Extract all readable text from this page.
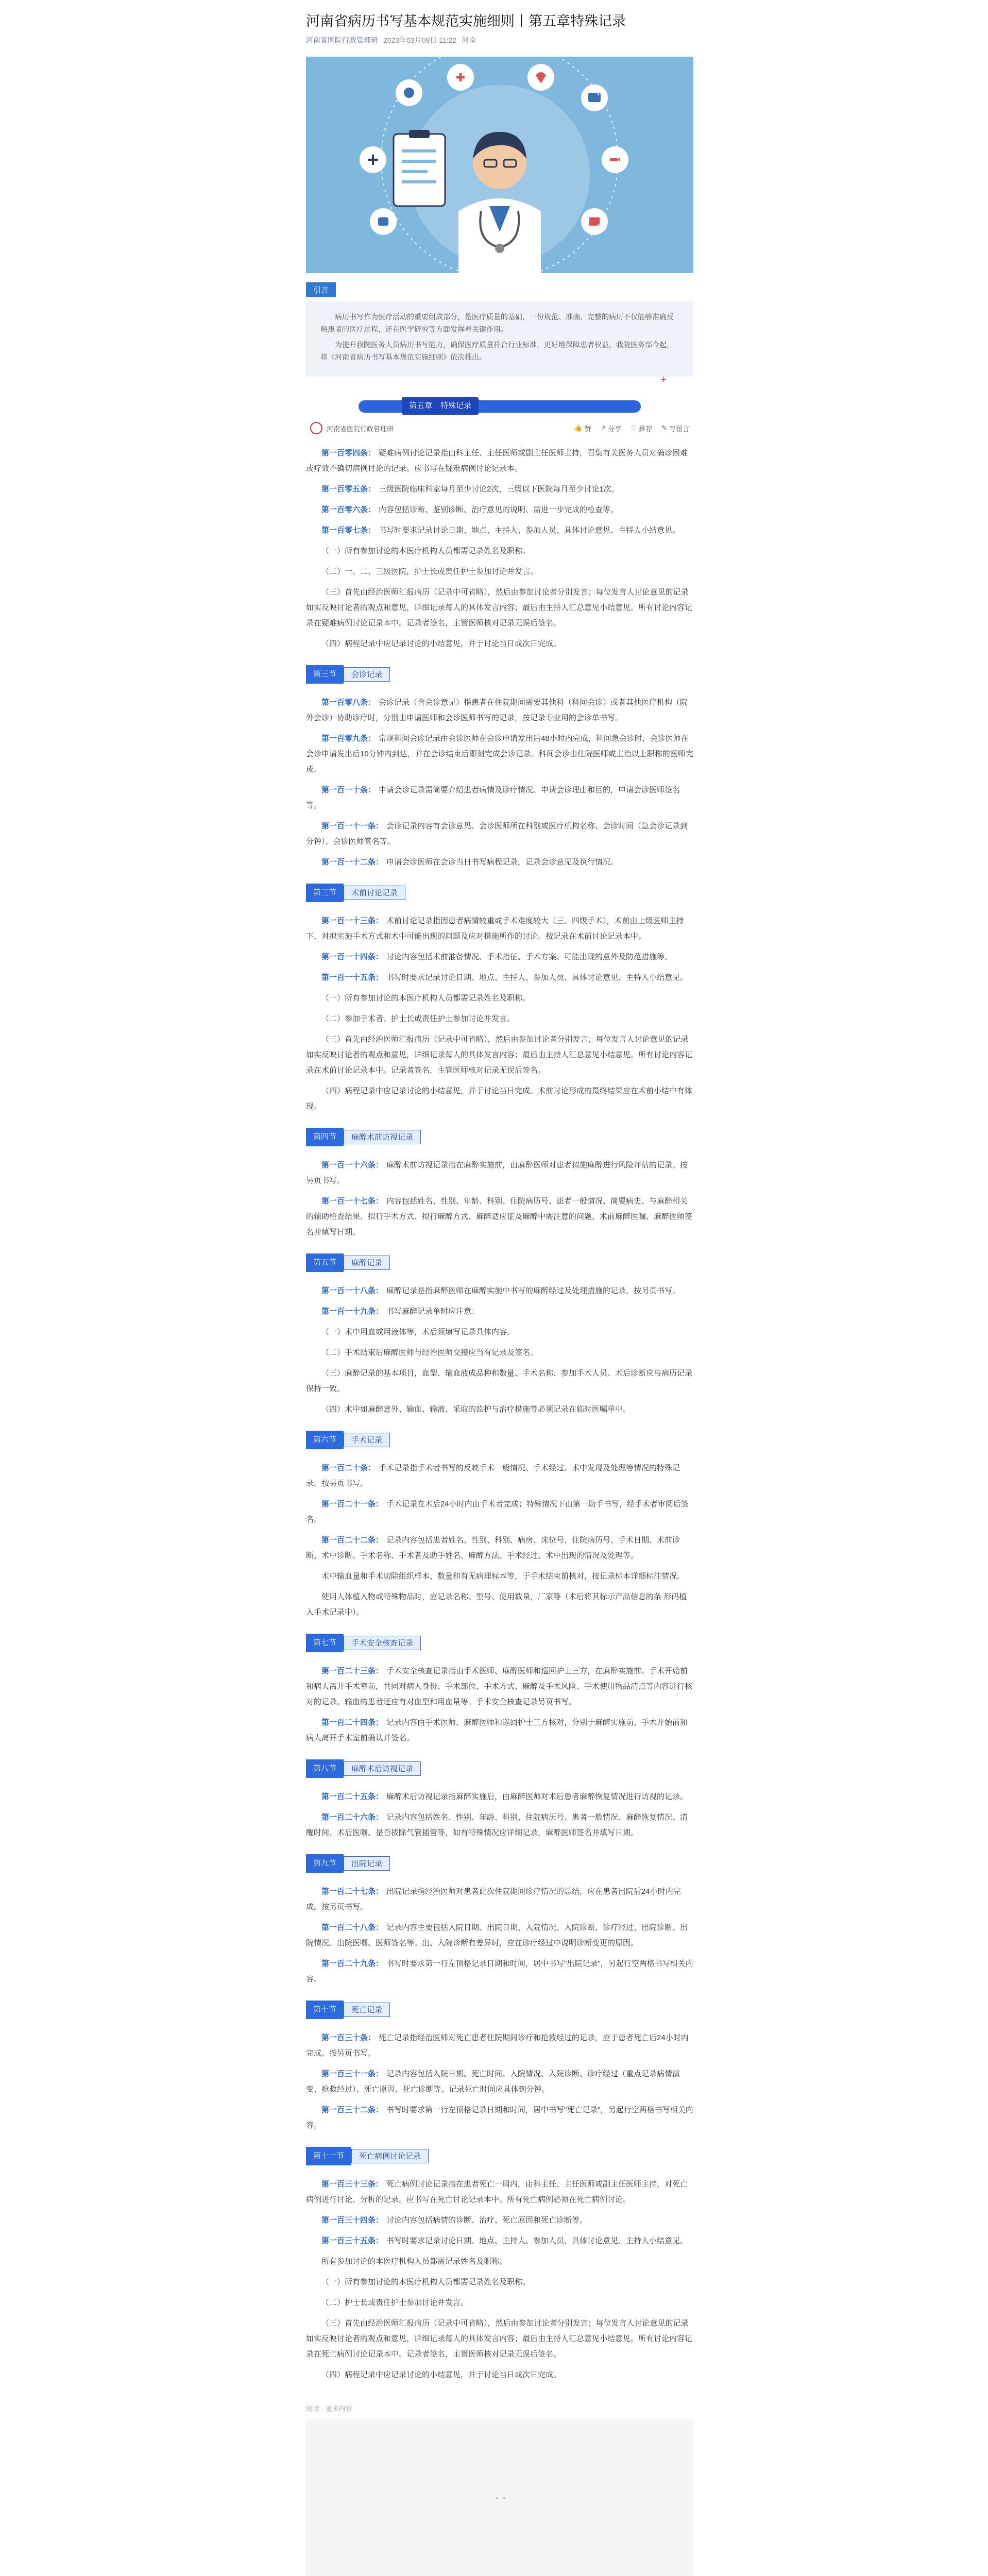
河南省病历书写基本规范实施细则丨第五章特殊记录
河南省医院行政管理研 2023年03月09日 11:22 河南
引言

病历书写作为医疗活动的重要组成部分，是医疗质量的基础，一份规范、准确、完整的病历不仅能够准确反映患者的医疗过程，还在医学研究等方面发挥着关键作用。

为提升我院医务人员病历书写能力，确保医疗质量符合行业标准，更好地保障患者权益，我院医务部今起，将《河南省病历书写基本规范实施细则》依次推出。

+
第五章 特殊记录
河南省医院行政管理研	👍 赞 ↗ 分享 ♡ 推荐 ✎ 写留言

第一百零四条： 疑难病例讨论记录指由科主任、主任医师或副主任医师主持，召集有关医务人员对确诊困难或疗效不确切病例讨论的记录。应书写在疑难病例讨论记录本。

第一百零五条： 三级医院临床科室每月至少讨论2次，三级以下医院每月至少讨论1次。

第一百零六条： 内容包括诊断、鉴别诊断、治疗意见的说明、需进一步完成的检查等。

第一百零七条： 书写时要求记录讨论日期、地点、主持人、参加人员、具体讨论意见、主持人小结意见。

（一）所有参加讨论的本医疗机构人员都需记录姓名及职称。

（二）一、二、三级医院，护士长或责任护士参加讨论并发言。

（三）首先由经治医师汇报病历（记录中可省略），然后由参加讨论者分别发言；每位发言人讨论意见的记录如实反映讨论者的观点和意见，详细记录每人的具体发言内容；最后由主持人汇总意见小结意见。所有讨论内容记录在疑难病例讨论记录本中。记录者签名，主管医师核对记录无误后签名。

（四）病程记录中应记录讨论的小结意见，并于讨论当日或次日完成。

第三节	会诊记录

第一百零八条： 会诊记录（含会诊意见）指患者在住院期间需要其他科（科间会诊）或者其他医疗机构（院外会诊）协助诊疗时，分别由申请医师和会诊医师书写的记录，按记录专业用的会诊单书写。

第一百零九条： 常规科间会诊记录由会诊医师在会诊申请发出后48小时内完成，科间急会诊时，会诊医师在会诊申请发出后10分钟内到达，并在会诊结束后即刻完成会诊记录。科间会诊由住院医师或主治以上职称的医师完成。

第一百一十条： 申请会诊记录需简要介绍患者病情及诊疗情况、申请会诊理由和目的，申请会诊医师签名等。

第一百一十一条： 会诊记录内容有会诊意见、会诊医师所在科别或医疗机构名称、会诊时间（急会诊记录到分钟）、会诊医师签名等。

第一百一十二条： 申请会诊医师在会诊当日书写病程记录，记录会诊意见及执行情况。

第三节	术前讨论记录

第一百一十三条： 术前讨论记录指因患者病情较重或手术难度较大（三、四级手术），术前由上级医师主持下，对拟实施手术方式和术中可能出现的问题及应对措施所作的讨论。按记录在术前讨论记录本中。

第一百一十四条： 讨论内容包括术前准备情况、手术指征、手术方案、可能出现的意外及防范措施等。

第一百一十五条： 书写时要求记录讨论日期、地点、主持人、参加人员、具体讨论意见、主持人小结意见。

（一）所有参加讨论的本医疗机构人员都需记录姓名及职称。

（二）参加手术者、护士长或责任护士参加讨论并发言。

（三）首先由经治医师汇报病历（记录中可省略），然后由参加讨论者分别发言；每位发言人讨论意见的记录如实反映讨论者的观点和意见，详细记录每人的具体发言内容；最后由主持人汇总意见小结意见。所有讨论内容记录在术前讨论记录本中。记录者签名，主管医师核对记录无误后签名。

（四）病程记录中应记录讨论的小结意见，并于讨论当日完成。术前讨论形成的最终结果应在术前小结中有体现。

第四节	麻醉术前访视记录

第一百一十六条： 麻醉术前访视记录指在麻醉实施前，由麻醉医师对患者拟施麻醉进行风险评估的记录。按另页书写。

第一百一十七条： 内容包括姓名、性别、年龄、科别、住院病历号、患者一般情况、简要病史、与麻醉相关的辅助检查结果、拟行手术方式、拟行麻醉方式、麻醉适应证及麻醉中需注意的问题、术前麻醉医嘱、麻醉医师签名并填写日期。

第五节	麻醉记录

第一百一十八条： 麻醉记录是指麻醉医师在麻醉实施中书写的麻醉经过及处理措施的记录，按另页书写。

第一百一十九条： 书写麻醉记录单时应注意：

（一）术中用血或用液体等，术后须填写记录具体内容。

（二）手术结束后麻醉医师与经治医师交接应当有记录及签名。

（三）麻醉记录的基本项目，血型、输血液成品种和数量、手术名称、参加手术人员、术后诊断应与病历记录保持一致。

（四）术中如麻醉意外、输血、输液、采取的监护与治疗措施等必须记录在临时医嘱单中。

第六节	手术记录

第一百二十条： 手术记录指手术者书写的反映手术一般情况、手术经过、术中发现及处理等情况的特殊记录。按另页书写。

第一百二十一条： 手术记录在术后24小时内由手术者完成；特殊情况下由第一助手书写，经手术者审阅后签名。

第一百二十二条： 记录内容包括患者姓名、性别、科别、病房、床位号、住院病历号、手术日期、术前诊断、术中诊断、手术名称、手术者及助手姓名、麻醉方法、手术经过、术中出现的情况及处理等。

术中输血量和手术切除组织样本、数量和有无病理标本等，于手术结束前核对，按记录标本详细标注情况。

使用人体植入物或特殊物品时，应记录名称、型号、使用数量，厂家等（术后将其标示产品信息的条 形码植入手术记录中）。

第七节	手术安全核查记录

第一百二十三条： 手术安全核查记录指由手术医师、麻醉医师和巡回护士三方，在麻醉实施前、手术开始前和病人离开手术室前，共同对病人身份、手术部位、手术方式、麻醉及手术风险、手术使用物品清点等内容进行核对的记录。输血的患者还应有对血型和用血量等。手术安全核查记录另页书写。

第一百二十四条： 记录内容由手术医师、麻醉医师和巡回护士三方核对，分别于麻醉实施前、手术开始前和病人离开手术室前确认并签名。

第八节	麻醉术后访视记录

第一百二十五条： 麻醉术后访视记录指麻醉实施后，由麻醉医师对术后患者麻醉恢复情况进行访视的记录。

第一百二十六条： 记录内容包括姓名、性别、年龄、科别、住院病历号、患者一般情况、麻醉恢复情况、清醒时间、术后医嘱、是否拔除气管插管等，如有特殊情况应详细记录，麻醉医师签名并填写日期。

第九节	出院记录

第一百二十七条： 出院记录指经治医师对患者此次住院期间诊疗情况的总结，应在患者出院后24小时内完成。按另页书写。

第一百二十八条： 记录内容主要包括入院日期、出院日期、入院情况、入院诊断、诊疗经过、出院诊断、出院情况、出院医嘱、医师签名等。出、入院诊断有差异时，应在诊疗经过中说明诊断变更的原因。

第一百二十九条： 书写时要求第一行左顶格记录日期和时间，居中书写"出院记录"，另起行空两格书写相关内容。

第十节	死亡记录

第一百三十条： 死亡记录指经治医师对死亡患者住院期间诊疗和抢救经过的记录，应于患者死亡后24小时内完成。按另页书写。

第一百三十一条： 记录内容包括入院日期、死亡时间、入院情况、入院诊断、诊疗经过（重点记录病情演变、抢救经过）、死亡原因、死亡诊断等。记录死亡时间应具体到分钟。

第一百三十二条： 书写时要求第一行左顶格记录日期和时间，居中书写"死亡记录"，另起行空两格书写相关内容。

第十一节	死亡病例讨论记录

第一百三十三条： 死亡病例讨论记录指在患者死亡一周内，由科主任、主任医师或副主任医师主持，对死亡病例进行讨论、分析的记录。应书写在死亡讨论记录本中。所有死亡病例必须在死亡病例讨论。

第一百三十四条： 讨论内容包括病情的诊断、治疗、死亡原因和死亡诊断等。

第一百三十五条： 书写时要求记录讨论日期、地点、主持人、参加人员、具体讨论意见、主持人小结意见。

所有参加讨论的本医疗机构人员都需记录姓名及职称。

（一）所有参加讨论的本医疗机构人员都需记录姓名及职称。

（二）护士长或责任护士参加讨论并发言。

（三）首先由经治医师汇报病历（记录中可省略），然后由参加讨论者分别发言；每位发言人讨论意见的记录如实反映讨论者的观点和意见，详细记录每人的具体发言内容；最后由主持人汇总意见小结意见。所有讨论内容记录在死亡病例讨论记录本中。记录者签名，主管医师核对记录无误后签名。

（四）病程记录中应记录讨论的小结意见，并于讨论当日或次日完成。

阅读 · 更多内容
• •
